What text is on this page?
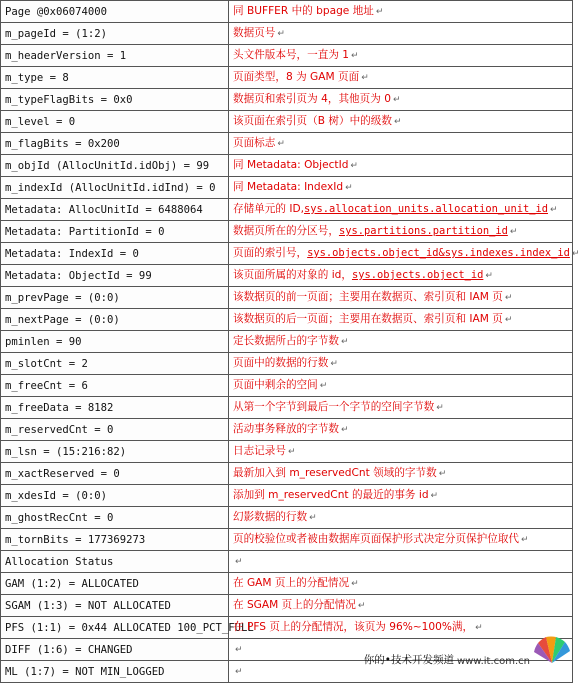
Page @0x06074000	同 BUFFER 中的 bpage 地址 ↵
m_pageId = (1:2)	数据页号 ↵
m_headerVersion = 1	头文件版本号，一直为 1 ↵
m_type = 8	页面类型，8 为 GAM 页面 ↵
m_typeFlagBits = 0x0	数据页和索引页为 4，其他页为 0 ↵
m_level = 0	该页面在索引页（B 树）中的级数 ↵
m_flagBits = 0x200	页面标志 ↵
m_objId (AllocUnitId.idObj) = 99	同 Metadata: ObjectId ↵
m_indexId (AllocUnitId.idInd) = 0	同 Metadata: IndexId ↵
Metadata: AllocUnitId = 6488064	存储单元的 ID,sys.allocation_units.allocation_unit_id ↵
Metadata: PartitionId = 0	数据页所在的分区号，sys.partitions.partition_id ↵
Metadata: IndexId = 0	页面的索引号，sys.objects.object_id&sys.indexes.index_id ↵
Metadata: ObjectId = 99	该页面所属的对象的 id，sys.objects.object_id ↵
m_prevPage = (0:0)	该数据页的前一页面；主要用在数据页、索引页和 IAM 页 ↵
m_nextPage = (0:0)	该数据页的后一页面；主要用在数据页、索引页和 IAM 页 ↵
pminlen = 90	定长数据所占的字节数 ↵
m_slotCnt = 2	页面中的数据的行数 ↵
m_freeCnt = 6	页面中剩余的空间 ↵
m_freeData = 8182	从第一个字节到最后一个字节的空间字节数 ↵
m_reservedCnt = 0	活动事务释放的字节数 ↵
m_lsn = (15:216:82)	日志记录号 ↵
m_xactReserved = 0	最新加入到 m_reservedCnt 领域的字节数 ↵
m_xdesId = (0:0)	添加到 m_reservedCnt 的最近的事务 id ↵
m_ghostRecCnt = 0	幻影数据的行数 ↵
m_tornBits = 177369273	页的校验位或者被由数据库页面保护形式决定分页保护位取代 ↵
Allocation Status	↵
GAM (1:2) = ALLOCATED	在 GAM 页上的分配情况 ↵
SGAM (1:3) = NOT ALLOCATED	在 SGAM 页上的分配情况 ↵
PFS (1:1) = 0x44 ALLOCATED 100_PCT_FULL	在 PFS 页上的分配情况，该页为 96%~100%满， ↵
DIFF (1:6) = CHANGED	↵
ML (1:7) = NOT MIN_LOGGED	↵
你的•技术开发频道 www.it.com.cn
